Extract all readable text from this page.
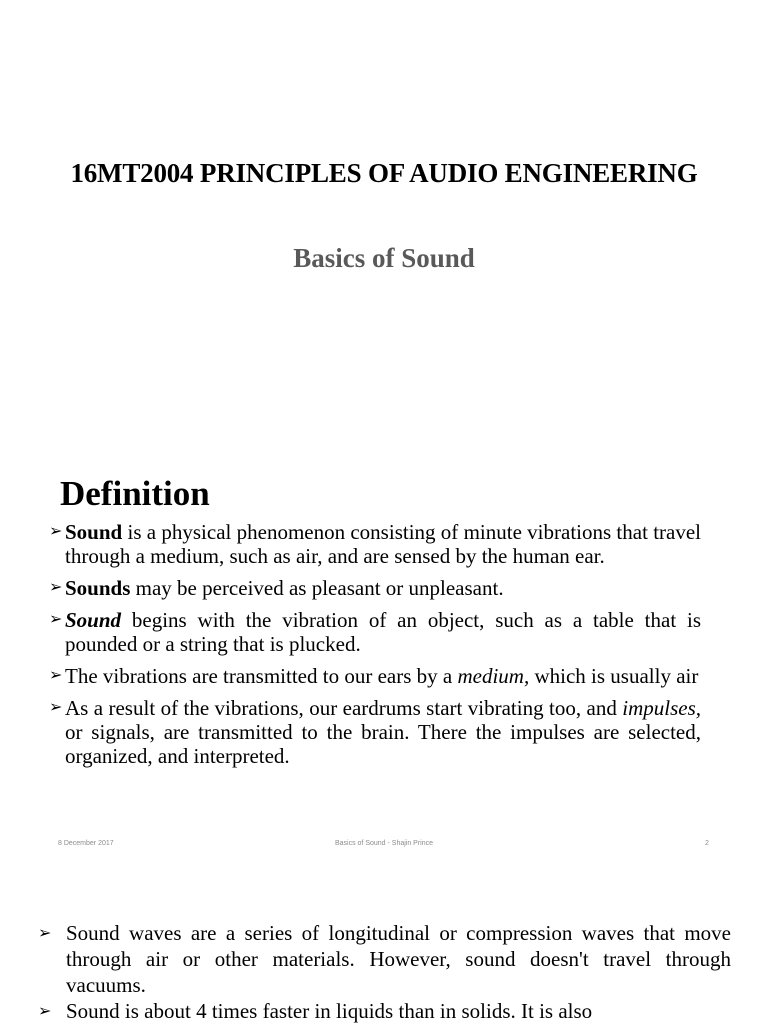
16MT2004 PRINCIPLES OF AUDIO ENGINEERING
Basics of Sound
Definition
➢ Sound is a physical phenomenon consisting of minute vibrations that travel through a medium, such as air, and are sensed by the human ear.
➢ Sounds may be perceived as pleasant or unpleasant.
➢ Sound begins with the vibration of an object, such as a table that is pounded or a string that is plucked.
➢ The vibrations are transmitted to our ears by a medium, which is usually air
➢ As a result of the vibrations, our eardrums start vibrating too, and impulses, or signals, are transmitted to the brain. There the impulses are selected, organized, and interpreted.
8 December 2017	Basics of Sound - Shajin Prince	2
➢ Sound waves are a series of longitudinal or compression waves that move through air or other materials. However, sound doesn't travel through vacuums.
➢ Sound is about 4 times faster in liquids than in solids. It is also
